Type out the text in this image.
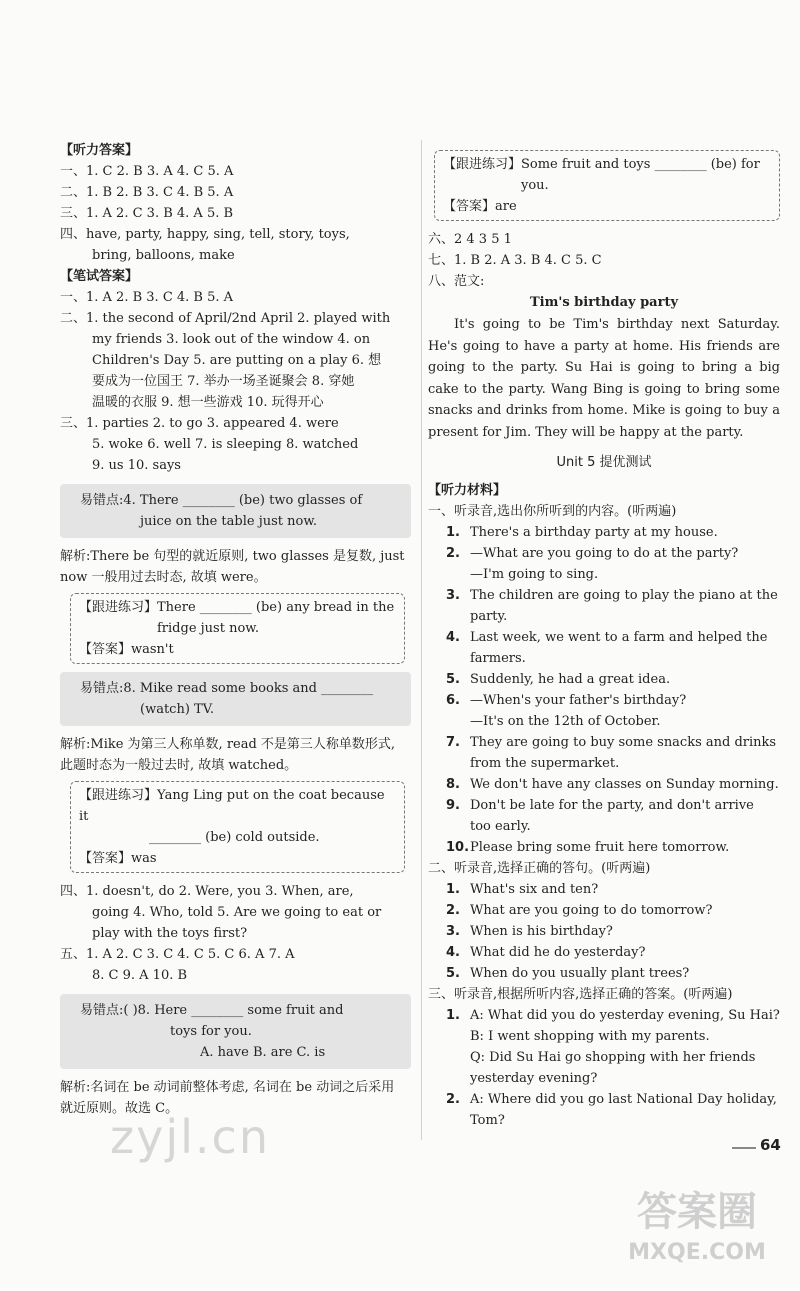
【听力答案】
一、1. C 2. B 3. A 4. C 5. A
二、1. B 2. B 3. C 4. B 5. A
三、1. A 2. C 3. B 4. A 5. B
四、have, party, happy, sing, tell, story, toys,
bring, balloons, make
【笔试答案】
一、1. A 2. B 3. C 4. B 5. A
二、1. the second of April/2nd April 2. played with
my friends 3. look out of the window 4. on
Children's Day 5. are putting on a play 6. 想
要成为一位国王 7. 举办一场圣诞聚会 8. 穿她
温暖的衣服 9. 想一些游戏 10. 玩得开心
三、1. parties 2. to go 3. appeared 4. were
5. woke 6. well 7. is sleeping 8. watched
9. us 10. says
易错点:4. There ________ (be) two glasses of
juice on the table just now.
解析:There be 句型的就近原则, two glasses 是复数, just now 一般用过去时态, 故填 were。
【跟进练习】There ________ (be) any bread in the
fridge just now.
【答案】wasn't
易错点:8. Mike read some books and ________
(watch) TV.
解析:Mike 为第三人称单数, read 不是第三人称单数形式, 此题时态为一般过去时, 故填 watched。
【跟进练习】Yang Ling put on the coat because it
________ (be) cold outside.
【答案】was
四、1. doesn't, do 2. Were, you 3. When, are,
going 4. Who, told 5. Are we going to eat or
play with the toys first?
五、1. A 2. C 3. C 4. C 5. C 6. A 7. A
8. C 9. A 10. B
易错点:( )8. Here ________ some fruit and
toys for you.
A. have B. are C. is
解析:名词在 be 动词前整体考虑, 名词在 be 动词之后采用就近原则。故选 C。
【跟进练习】Some fruit and toys ________ (be) for
you.
【答案】are
六、2 4 3 5 1
七、1. B 2. A 3. B 4. C 5. C
八、范文:
Tim's birthday party
It's going to be Tim's birthday next Saturday. He's going to have a party at home. His friends are going to the party. Su Hai is going to bring a big cake to the party. Wang Bing is going to bring some snacks and drinks from home. Mike is going to buy a present for Jim. They will be happy at the party.
Unit 5 提优测试
【听力材料】
一、听录音,选出你所听到的内容。(听两遍)
1. There's a birthday party at my house.
2. —What are you going to do at the party?
—I'm going to sing.
3. The children are going to play the piano at the
party.
4. Last week, we went to a farm and helped the
farmers.
5. Suddenly, he had a great idea.
6. —When's your father's birthday?
—It's on the 12th of October.
7. They are going to buy some snacks and drinks
from the supermarket.
8. We don't have any classes on Sunday morning.
9. Don't be late for the party, and don't arrive
too early.
10. Please bring some fruit here tomorrow.
二、听录音,选择正确的答句。(听两遍)
1. What's six and ten?
2. What are you going to do tomorrow?
3. When is his birthday?
4. What did he do yesterday?
5. When do you usually plant trees?
三、听录音,根据所听内容,选择正确的答案。(听两遍)
1. A: What did you do yesterday evening, Su Hai?
B: I went shopping with my parents.
Q: Did Su Hai go shopping with her friends
yesterday evening?
2. A: Where did you go last National Day holiday,
Tom?
64
zyjl.cn
答案圈
MXQE.COM
